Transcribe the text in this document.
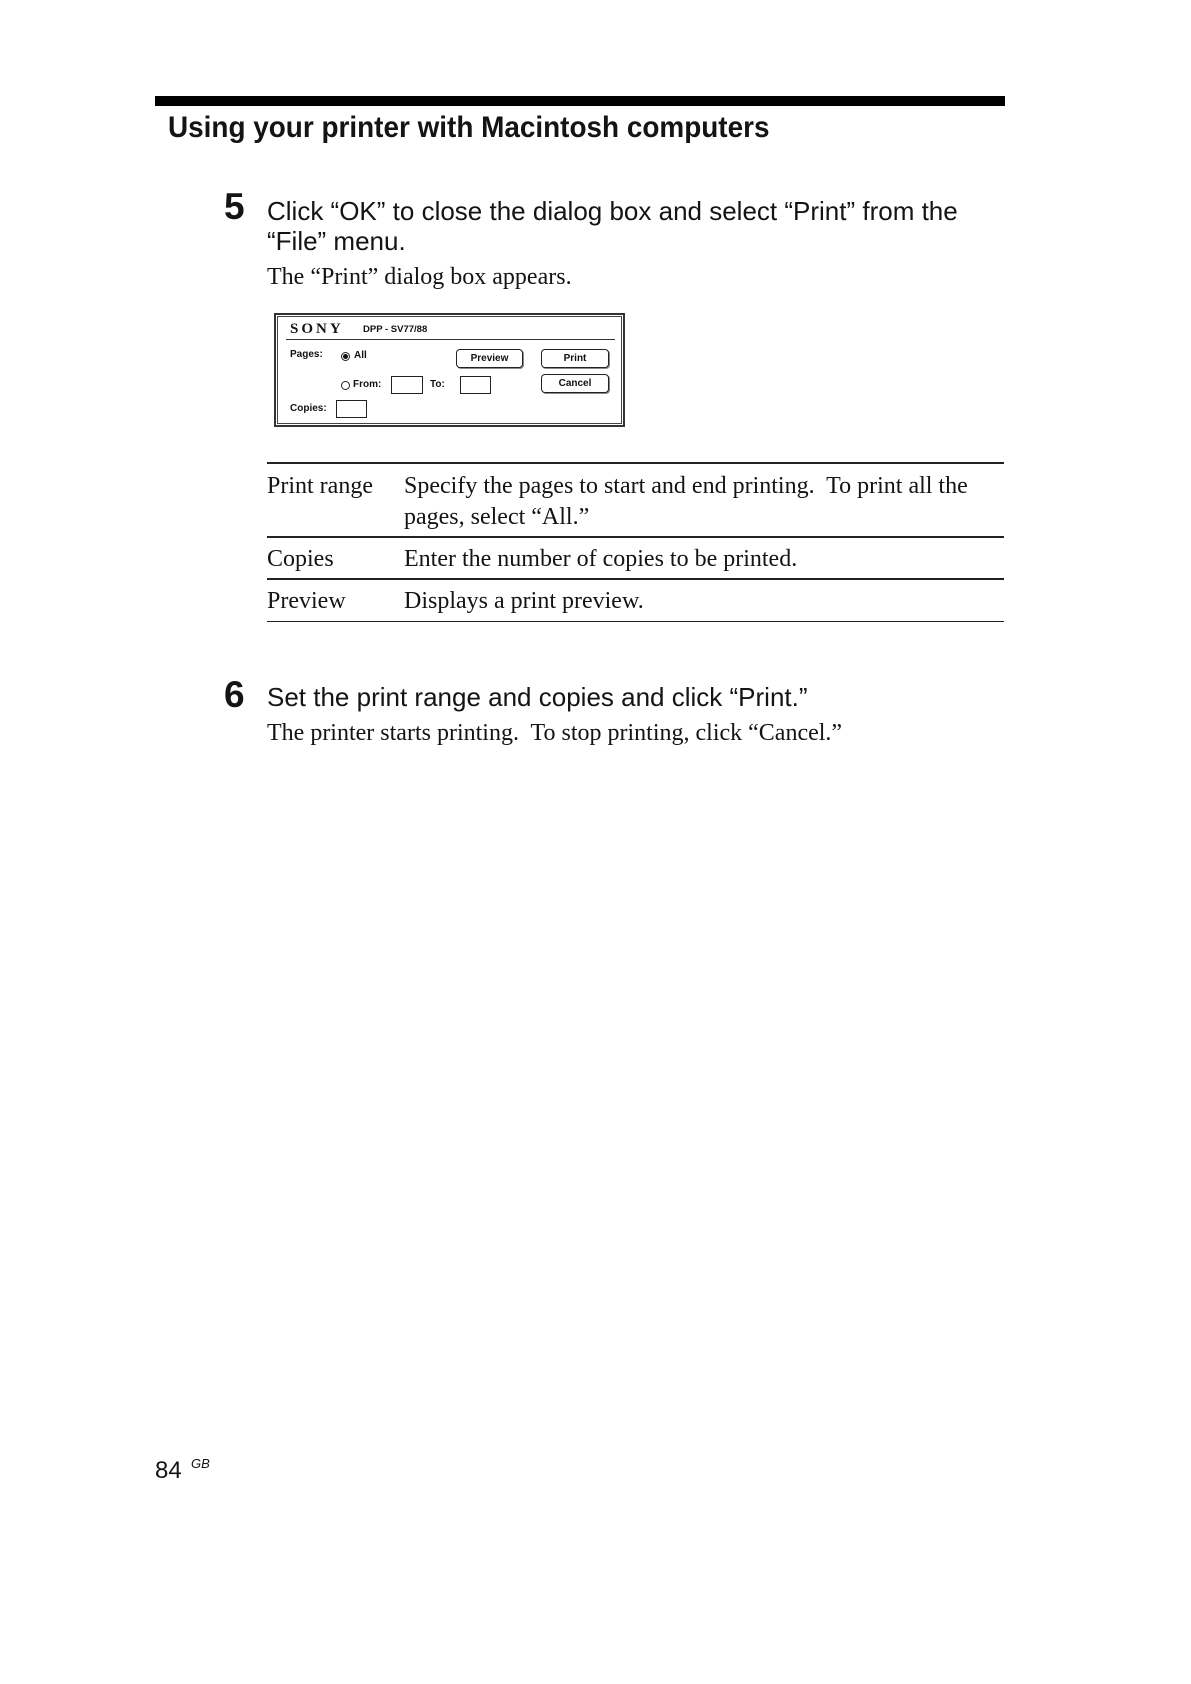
Using your printer with Macintosh computers
5 Click “OK” to close the dialog box and select “Print” from the
“File” menu.
The “Print” dialog box appears.

SONY

DPP - SV77/88

Pages:

	All

	Preview

	Print

From:

	To:

	Cancel

Copies:

Print range Specify the pages to start and end printing.  To print all the
pages, select “All.”
Copies	Enter the number of copies to be printed.
Preview Displays a print preview.
6 Set the print range and copies and click “Print.”
The printer starts printing.  To stop printing, click “Cancel.”
84 GB
